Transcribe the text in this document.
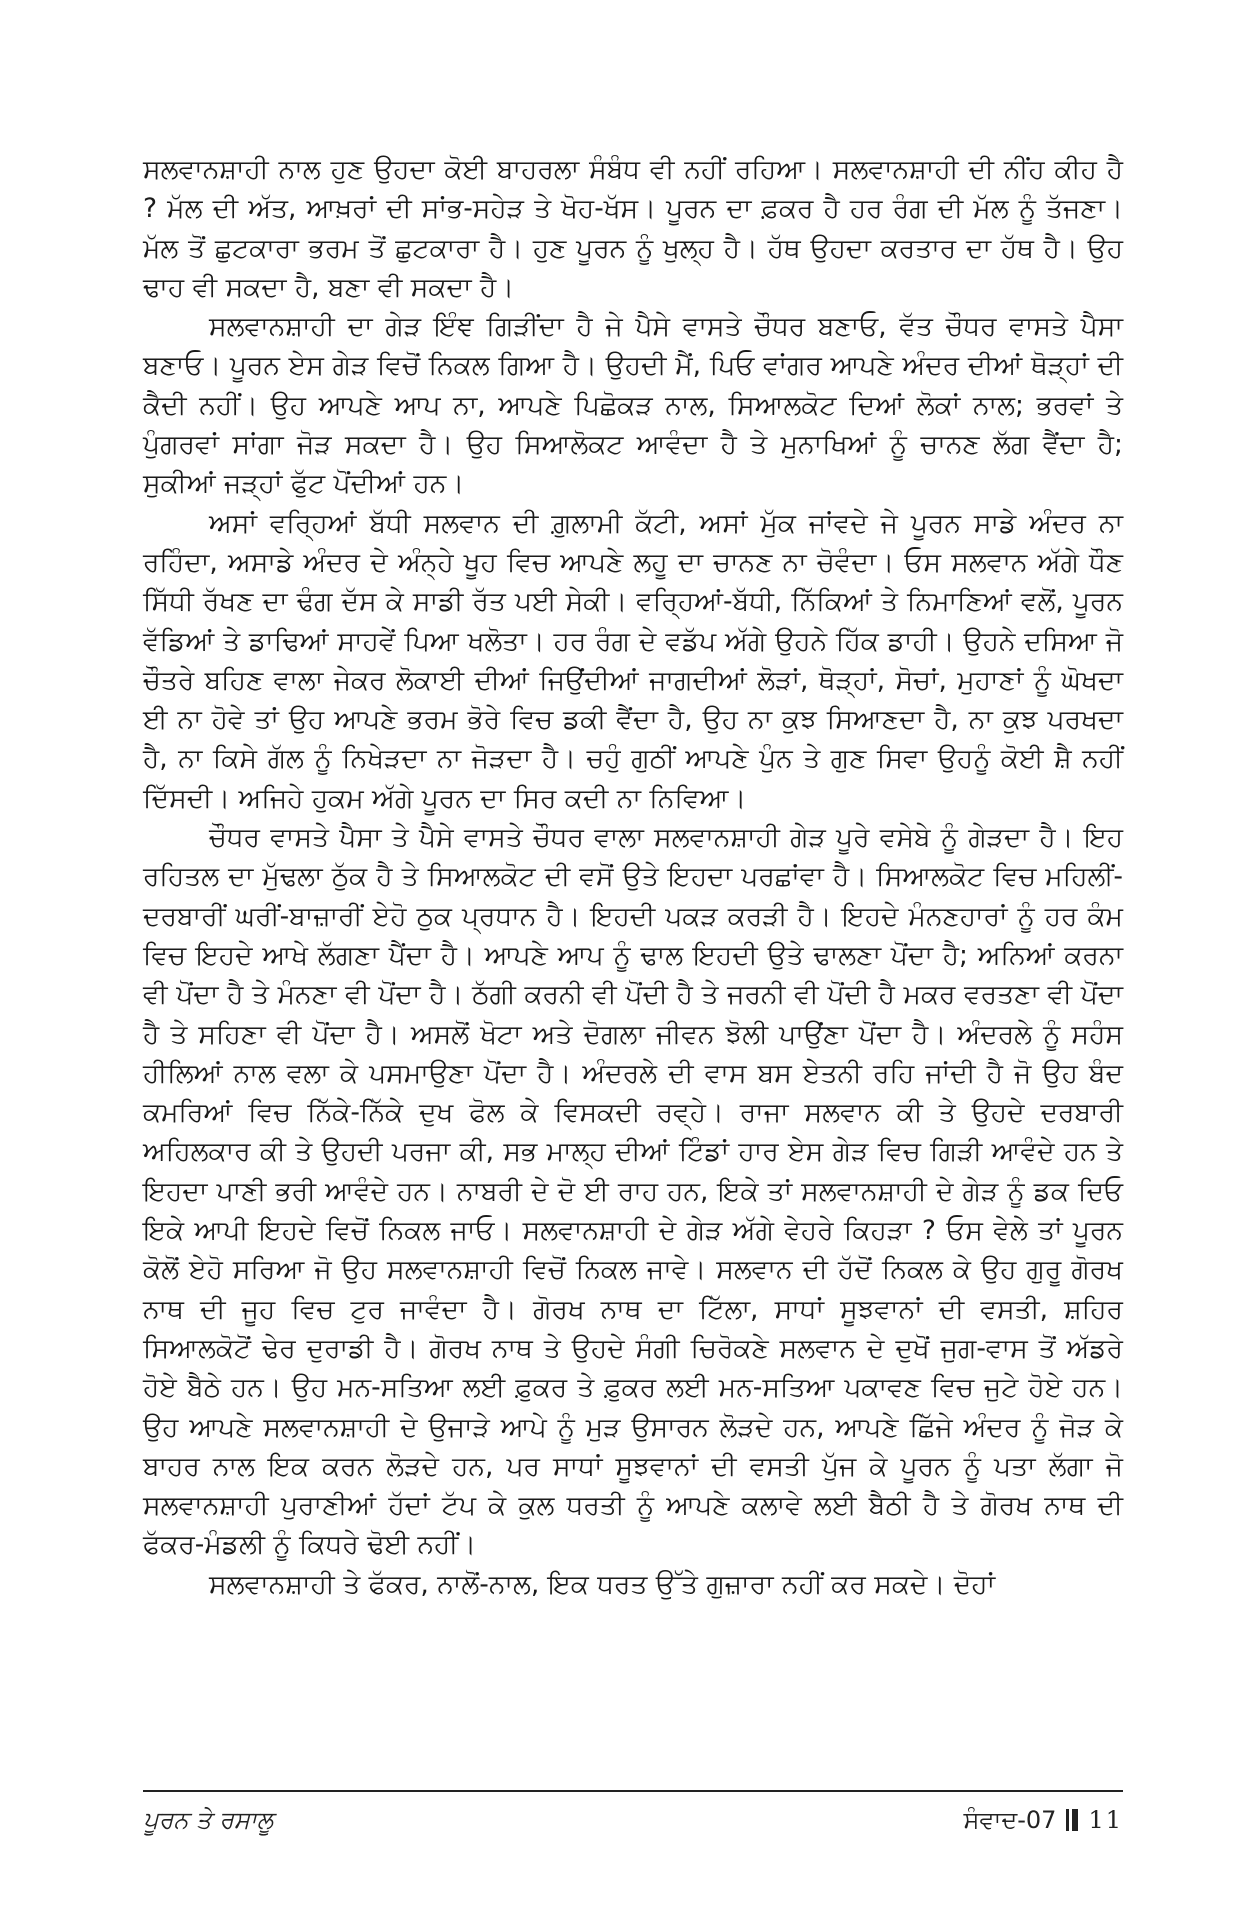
ਸਲਵਾਨਸ਼ਾਹੀ ਨਾਲ ਹੁਣ ਉਹਦਾ ਕੋਈ ਬਾਹਰਲਾ ਸੰਬੰਧ ਵੀ ਨਹੀਂ ਰਹਿਆ। ਸਲਵਾਨਸ਼ਾਹੀ ਦੀ ਨੀਂਹ ਕੀਹ ਹੈ ? ਮੱਲ ਦੀ ਅੱਤ, ਆਖ਼ਰਾਂ ਦੀ ਸਾਂਭ-ਸਹੇੜ ਤੇ ਖੋਹ-ਖੱਸ। ਪੂਰਨ ਦਾ ਫ਼ਕਰ ਹੈ ਹਰ ਰੰਗ ਦੀ ਮੱਲ ਨੂੰ ਤੱਜਣਾ। ਮੱਲ ਤੋਂ ਛੁਟਕਾਰਾ ਭਰਮ ਤੋਂ ਛੁਟਕਾਰਾ ਹੈ। ਹੁਣ ਪੂਰਨ ਨੂੰ ਖੁਲ੍ਹ ਹੈ। ਹੱਥ ਉਹਦਾ ਕਰਤਾਰ ਦਾ ਹੱਥ ਹੈ। ਉਹ ਢਾਹ ਵੀ ਸਕਦਾ ਹੈ, ਬਣਾ ਵੀ ਸਕਦਾ ਹੈ।

ਸਲਵਾਨਸ਼ਾਹੀ ਦਾ ਗੇੜ ਇੰਞ ਗਿੜੀਂਦਾ ਹੈ ਜੇ ਪੈਸੇ ਵਾਸਤੇ ਚੌਧਰ ਬਣਾਓ, ਵੱਤ ਚੌਧਰ ਵਾਸਤੇ ਪੈਸਾ ਬਣਾਓ। ਪੂਰਨ ਏਸ ਗੇੜ ਵਿਚੋਂ ਨਿਕਲ ਗਿਆ ਹੈ। ਉਹਦੀ ਮੈਂ, ਪਿਓ ਵਾਂਗਰ ਆਪਣੇ ਅੰਦਰ ਦੀਆਂ ਥੋੜ੍ਹਾਂ ਦੀ ਕੈਦੀ ਨਹੀਂ। ਉਹ ਆਪਣੇ ਆਪ ਨਾ, ਆਪਣੇ ਪਿਛੋਕੜ ਨਾਲ, ਸਿਆਲਕੋਟ ਦਿਆਂ ਲੋਕਾਂ ਨਾਲ; ਭਰਵਾਂ ਤੇ ਪੁੰਗਰਵਾਂ ਸਾਂਗਾ ਜੋੜ ਸਕਦਾ ਹੈ। ਉਹ ਸਿਆਲੋਕਟ ਆਵੰਦਾ ਹੈ ਤੇ ਮੁਨਾਖਿਆਂ ਨੂੰ ਚਾਨਣ ਲੱਗ ਵੈਂਦਾ ਹੈ; ਸੁਕੀਆਂ ਜੜ੍ਹਾਂ ਫੁੱਟ ਪੋਂਦੀਆਂ ਹਨ।

ਅਸਾਂ ਵਰ੍ਹਿਆਂ ਬੱਧੀ ਸਲਵਾਨ ਦੀ ਗ਼ੁਲਾਮੀ ਕੱਟੀ, ਅਸਾਂ ਮੁੱਕ ਜਾਂਵਦੇ ਜੇ ਪੂਰਨ ਸਾਡੇ ਅੰਦਰ ਨਾ ਰਹਿੰਦਾ, ਅਸਾਡੇ ਅੰਦਰ ਦੇ ਅੰਨ੍ਹੇ ਖੂਹ ਵਿਚ ਆਪਣੇ ਲਹੂ ਦਾ ਚਾਨਣ ਨਾ ਚੋਵੰਦਾ। ਓਸ ਸਲਵਾਨ ਅੱਗੇ ਧੌਣ ਸਿੱਧੀ ਰੱਖਣ ਦਾ ਢੰਗ ਦੱਸ ਕੇ ਸਾਡੀ ਰੱਤ ਪਈ ਸੇਕੀ। ਵਰ੍ਹਿਆਂ-ਬੱਧੀ, ਨਿੱਕਿਆਂ ਤੇ ਨਿਮਾਣਿਆਂ ਵਲੋਂ, ਪੂਰਨ ਵੱਡਿਆਂ ਤੇ ਡਾਢਿਆਂ ਸਾਹਵੇਂ ਪਿਆ ਖਲੋਤਾ। ਹਰ ਰੰਗ ਦੇ ਵਡੱਪ ਅੱਗੇ ਉਹਨੇ ਹਿੱਕ ਡਾਹੀ। ਉਹਨੇ ਦਸਿਆ ਜੋ ਚੌਤਰੇ ਬਹਿਣ ਵਾਲਾ ਜੇਕਰ ਲੋਕਾਈ ਦੀਆਂ ਜਿਉਂਦੀਆਂ ਜਾਗਦੀਆਂ ਲੋੜਾਂ, ਥੋੜ੍ਹਾਂ, ਸੋਚਾਂ, ਮੁਹਾਣਾਂ ਨੂੰ ਘੋਖਦਾ ਈ ਨਾ ਹੋਵੇ ਤਾਂ ਉਹ ਆਪਣੇ ਭਰਮ ਭੋਰੇ ਵਿਚ ਡਕੀ ਵੈਂਦਾ ਹੈ, ਉਹ ਨਾ ਕੁਝ ਸਿਆਣਦਾ ਹੈ, ਨਾ ਕੁਝ ਪਰਖਦਾ ਹੈ, ਨਾ ਕਿਸੇ ਗੱਲ ਨੂੰ ਨਿਖੇੜਦਾ ਨਾ ਜੋੜਦਾ ਹੈ। ਚਹੁੰ ਗੁਠੀਂ ਆਪਣੇ ਪੁੰਨ ਤੇ ਗੁਣ ਸਿਵਾ ਉਹਨੂੰ ਕੋਈ ਸ਼ੈ ਨਹੀਂ ਦਿੱਸਦੀ। ਅਜਿਹੇ ਹੁਕਮ ਅੱਗੇ ਪੂਰਨ ਦਾ ਸਿਰ ਕਦੀ ਨਾ ਨਿਵਿਆ।

ਚੌਧਰ ਵਾਸਤੇ ਪੈਸਾ ਤੇ ਪੈਸੇ ਵਾਸਤੇ ਚੌਧਰ ਵਾਲਾ ਸਲਵਾਨਸ਼ਾਹੀ ਗੇੜ ਪੂਰੇ ਵਸੇਬੇ ਨੂੰ ਗੇੜਦਾ ਹੈ। ਇਹ ਰਹਿਤਲ ਦਾ ਮੁੱਢਲਾ ਠੁੱਕ ਹੈ ਤੇ ਸਿਆਲਕੋਟ ਦੀ ਵਸੋਂ ਉਤੇ ਇਹਦਾ ਪਰਛਾਂਵਾ ਹੈ। ਸਿਆਲਕੋਟ ਵਿਚ ਮਹਿਲੀਂ-ਦਰਬਾਰੀਂ ਘਰੀਂ-ਬਾਜ਼ਾਰੀਂ ਏਹੋ ਠੁਕ ਪ੍ਰਧਾਨ ਹੈ। ਇਹਦੀ ਪਕੜ ਕਰੜੀ ਹੈ। ਇਹਦੇ ਮੰਨਣਹਾਰਾਂ ਨੂੰ ਹਰ ਕੰਮ ਵਿਚ ਇਹਦੇ ਆਖੇ ਲੱਗਣਾ ਪੈਂਦਾ ਹੈ। ਆਪਣੇ ਆਪ ਨੂੰ ਢਾਲ ਇਹਦੀ ਉਤੇ ਢਾਲਣਾ ਪੋਂਦਾ ਹੈ; ਅਨਿਆਂ ਕਰਨਾ ਵੀ ਪੋਂਦਾ ਹੈ ਤੇ ਮੰਨਣਾ ਵੀ ਪੋਂਦਾ ਹੈ। ਠੱਗੀ ਕਰਨੀ ਵੀ ਪੋਂਦੀ ਹੈ ਤੇ ਜਰਨੀ ਵੀ ਪੋਂਦੀ ਹੈ ਮਕਰ ਵਰਤਣਾ ਵੀ ਪੋਂਦਾ ਹੈ ਤੇ ਸਹਿਣਾ ਵੀ ਪੋਂਦਾ ਹੈ। ਅਸਲੋਂ ਖੋਟਾ ਅਤੇ ਦੋਗਲਾ ਜੀਵਨ ਝੋਲੀ ਪਾਉਂਣਾ ਪੋਂਦਾ ਹੈ। ਅੰਦਰਲੇ ਨੂੰ ਸਹੰਸ ਹੀਲਿਆਂ ਨਾਲ ਵਲਾ ਕੇ ਪਸਮਾਉਣਾ ਪੋਂਦਾ ਹੈ। ਅੰਦਰਲੇ ਦੀ ਵਾਸ ਬਸ ਏਤਨੀ ਰਹਿ ਜਾਂਦੀ ਹੈ ਜੋ ਉਹ ਬੰਦ ਕਮਰਿਆਂ ਵਿਚ ਨਿੱਕੇ-ਨਿੱਕੇ ਦੁਖ ਫੋਲ ਕੇ ਵਿਸਕਦੀ ਰਵ੍ਹੇ। ਰਾਜਾ ਸਲਵਾਨ ਕੀ ਤੇ ਉਹਦੇ ਦਰਬਾਰੀ ਅਹਿਲਕਾਰ ਕੀ ਤੇ ਉਹਦੀ ਪਰਜਾ ਕੀ, ਸਭ ਮਾਲ੍ਹ ਦੀਆਂ ਟਿੰਡਾਂ ਹਾਰ ਏਸ ਗੇੜ ਵਿਚ ਗਿੜੀ ਆਵੰਦੇ ਹਨ ਤੇ ਇਹਦਾ ਪਾਣੀ ਭਰੀ ਆਵੰਦੇ ਹਨ। ਨਾਬਰੀ ਦੇ ਦੋ ਈ ਰਾਹ ਹਨ, ਇਕੇ ਤਾਂ ਸਲਵਾਨਸ਼ਾਹੀ ਦੇ ਗੇੜ ਨੂੰ ਡਕ ਦਿਓ ਇਕੇ ਆਪੀ ਇਹਦੇ ਵਿਚੋਂ ਨਿਕਲ ਜਾਓ। ਸਲਵਾਨਸ਼ਾਹੀ ਦੇ ਗੇੜ ਅੱਗੇ ਵੇਹਰੇ ਕਿਹੜਾ ? ਓਸ ਵੇਲੇ ਤਾਂ ਪੂਰਨ ਕੋਲੋਂ ਏਹੋ ਸਰਿਆ ਜੋ ਉਹ ਸਲਵਾਨਸ਼ਾਹੀ ਵਿਚੋਂ ਨਿਕਲ ਜਾਵੇ। ਸਲਵਾਨ ਦੀ ਹੱਦੋਂ ਨਿਕਲ ਕੇ ਉਹ ਗੁਰੂ ਗੋਰਖ ਨਾਥ ਦੀ ਜੂਹ ਵਿਚ ਟੁਰ ਜਾਵੰਦਾ ਹੈ। ਗੋਰਖ ਨਾਥ ਦਾ ਟਿੱਲਾ, ਸਾਧਾਂ ਸੂਝਵਾਨਾਂ ਦੀ ਵਸਤੀ, ਸ਼ਹਿਰ ਸਿਆਲਕੋਟੋਂ ਢੇਰ ਦੁਰਾਡੀ ਹੈ। ਗੋਰਖ ਨਾਥ ਤੇ ਉਹਦੇ ਸੰਗੀ ਚਿਰੋਕਣੇ ਸਲਵਾਨ ਦੇ ਦੁਖੋਂ ਜੁਗ-ਵਾਸ ਤੋਂ ਅੱਡਰੇ ਹੋਏ ਬੈਠੇ ਹਨ। ਉਹ ਮਨ-ਸਤਿਆ ਲਈ ਫ਼ੁਕਰ ਤੇ ਫ਼ੁਕਰ ਲਈ ਮਨ-ਸਤਿਆ ਪਕਾਵਣ ਵਿਚ ਜੁਟੇ ਹੋਏ ਹਨ। ਉਹ ਆਪਣੇ ਸਲਵਾਨਸ਼ਾਹੀ ਦੇ ਉਜਾੜੇ ਆਪੇ ਨੂੰ ਮੁੜ ਉਸਾਰਨ ਲੋੜਦੇ ਹਨ, ਆਪਣੇ ਛਿੱਜੇ ਅੰਦਰ ਨੂੰ ਜੋੜ ਕੇ ਬਾਹਰ ਨਾਲ ਇਕ ਕਰਨ ਲੋੜਦੇ ਹਨ, ਪਰ ਸਾਧਾਂ ਸੂਝਵਾਨਾਂ ਦੀ ਵਸਤੀ ਪੁੱਜ ਕੇ ਪੂਰਨ ਨੂੰ ਪਤਾ ਲੱਗਾ ਜੋ ਸਲਵਾਨਸ਼ਾਹੀ ਪੁਰਾਣੀਆਂ ਹੱਦਾਂ ਟੱਪ ਕੇ ਕੁਲ ਧਰਤੀ ਨੂੰ ਆਪਣੇ ਕਲਾਵੇ ਲਈ ਬੈਠੀ ਹੈ ਤੇ ਗੋਰਖ ਨਾਥ ਦੀ ਫੱਕਰ-ਮੰਡਲੀ ਨੂੰ ਕਿਧਰੇ ਢੋਈ ਨਹੀਂ।

ਸਲਵਾਨਸ਼ਾਹੀ ਤੇ ਫੱਕਰ, ਨਾਲੋਂ-ਨਾਲ, ਇਕ ਧਰਤ ਉੱਤੇ ਗੁਜ਼ਾਰਾ ਨਹੀਂ ਕਰ ਸਕਦੇ। ਦੋਹਾਂ

ਪੂਰਨ ਤੇ ਰਸਾਲੂ	ਸੰਵਾਦ-07 11
